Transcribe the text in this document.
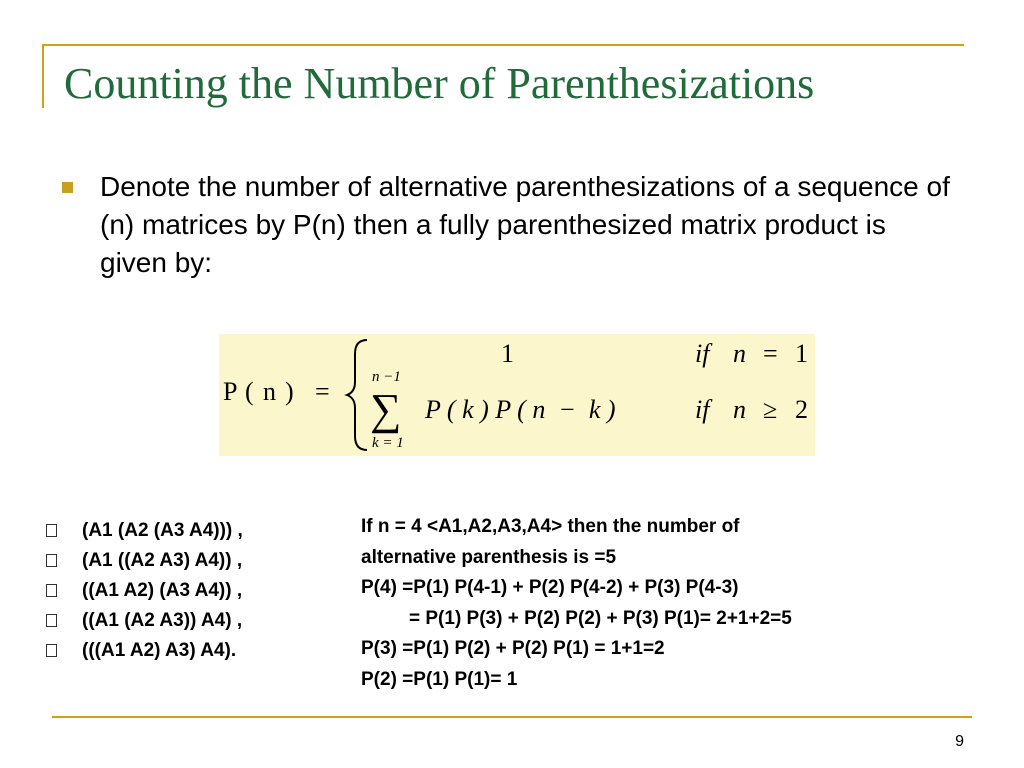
Counting the Number of Parenthesizations
Denote the number of alternative parenthesizations of a sequence of (n) matrices by P(n) then a fully parenthesized matrix product is given by:
P ( n ) =
1	if n = 1
n −1
∑
k = 1
P ( k ) P ( n  −  k )	if n ≥ 2
(A1 (A2 (A3 A4))) ,
(A1 ((A2 A3) A4)) ,
((A1 A2) (A3 A4)) ,
((A1 (A2 A3)) A4) ,
(((A1 A2) A3) A4).
If n = 4 <A1,A2,A3,A4> then the number of
alternative parenthesis is =5
P(4) =P(1) P(4-1) + P(2) P(4-2) + P(3) P(4-3)
= P(1) P(3) + P(2) P(2) + P(3) P(1)= 2+1+2=5
P(3) =P(1) P(2) + P(2) P(1) = 1+1=2
P(2) =P(1) P(1)= 1
9
